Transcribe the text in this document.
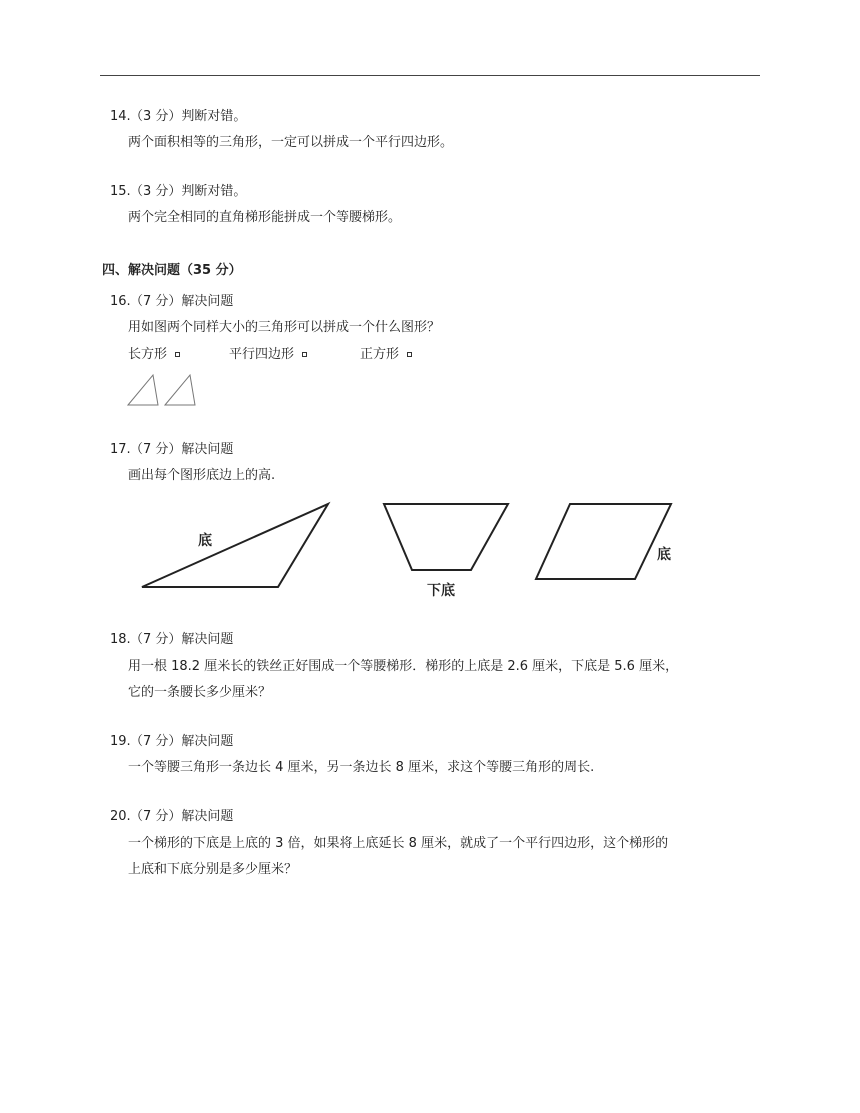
14. （3 分）判断对错。
两个面积相等的三角形，一定可以拼成一个平行四边形。
15. （3 分）判断对错。
两个完全相同的直角梯形能拼成一个等腰梯形。
四、解决问题（35 分）
16. （7 分）解决问题
用如图两个同样大小的三角形可以拼成一个什么图形？
长方形	平行四边形	正方形
17. （7 分）解决问题
画出每个图形底边上的高.
底
下底
底
18. （7 分）解决问题
用一根 18.2 厘米长的铁丝正好围成一个等腰梯形．梯形的上底是 2.6 厘米，下底是 5.6 厘米，
它的一条腰长多少厘米？
19. （7 分）解决问题
一个等腰三角形一条边长 4 厘米，另一条边长 8 厘米，求这个等腰三角形的周长.
20. （7 分）解决问题
一个梯形的下底是上底的 3 倍，如果将上底延长 8 厘米，就成了一个平行四边形，这个梯形的
上底和下底分别是多少厘米？
